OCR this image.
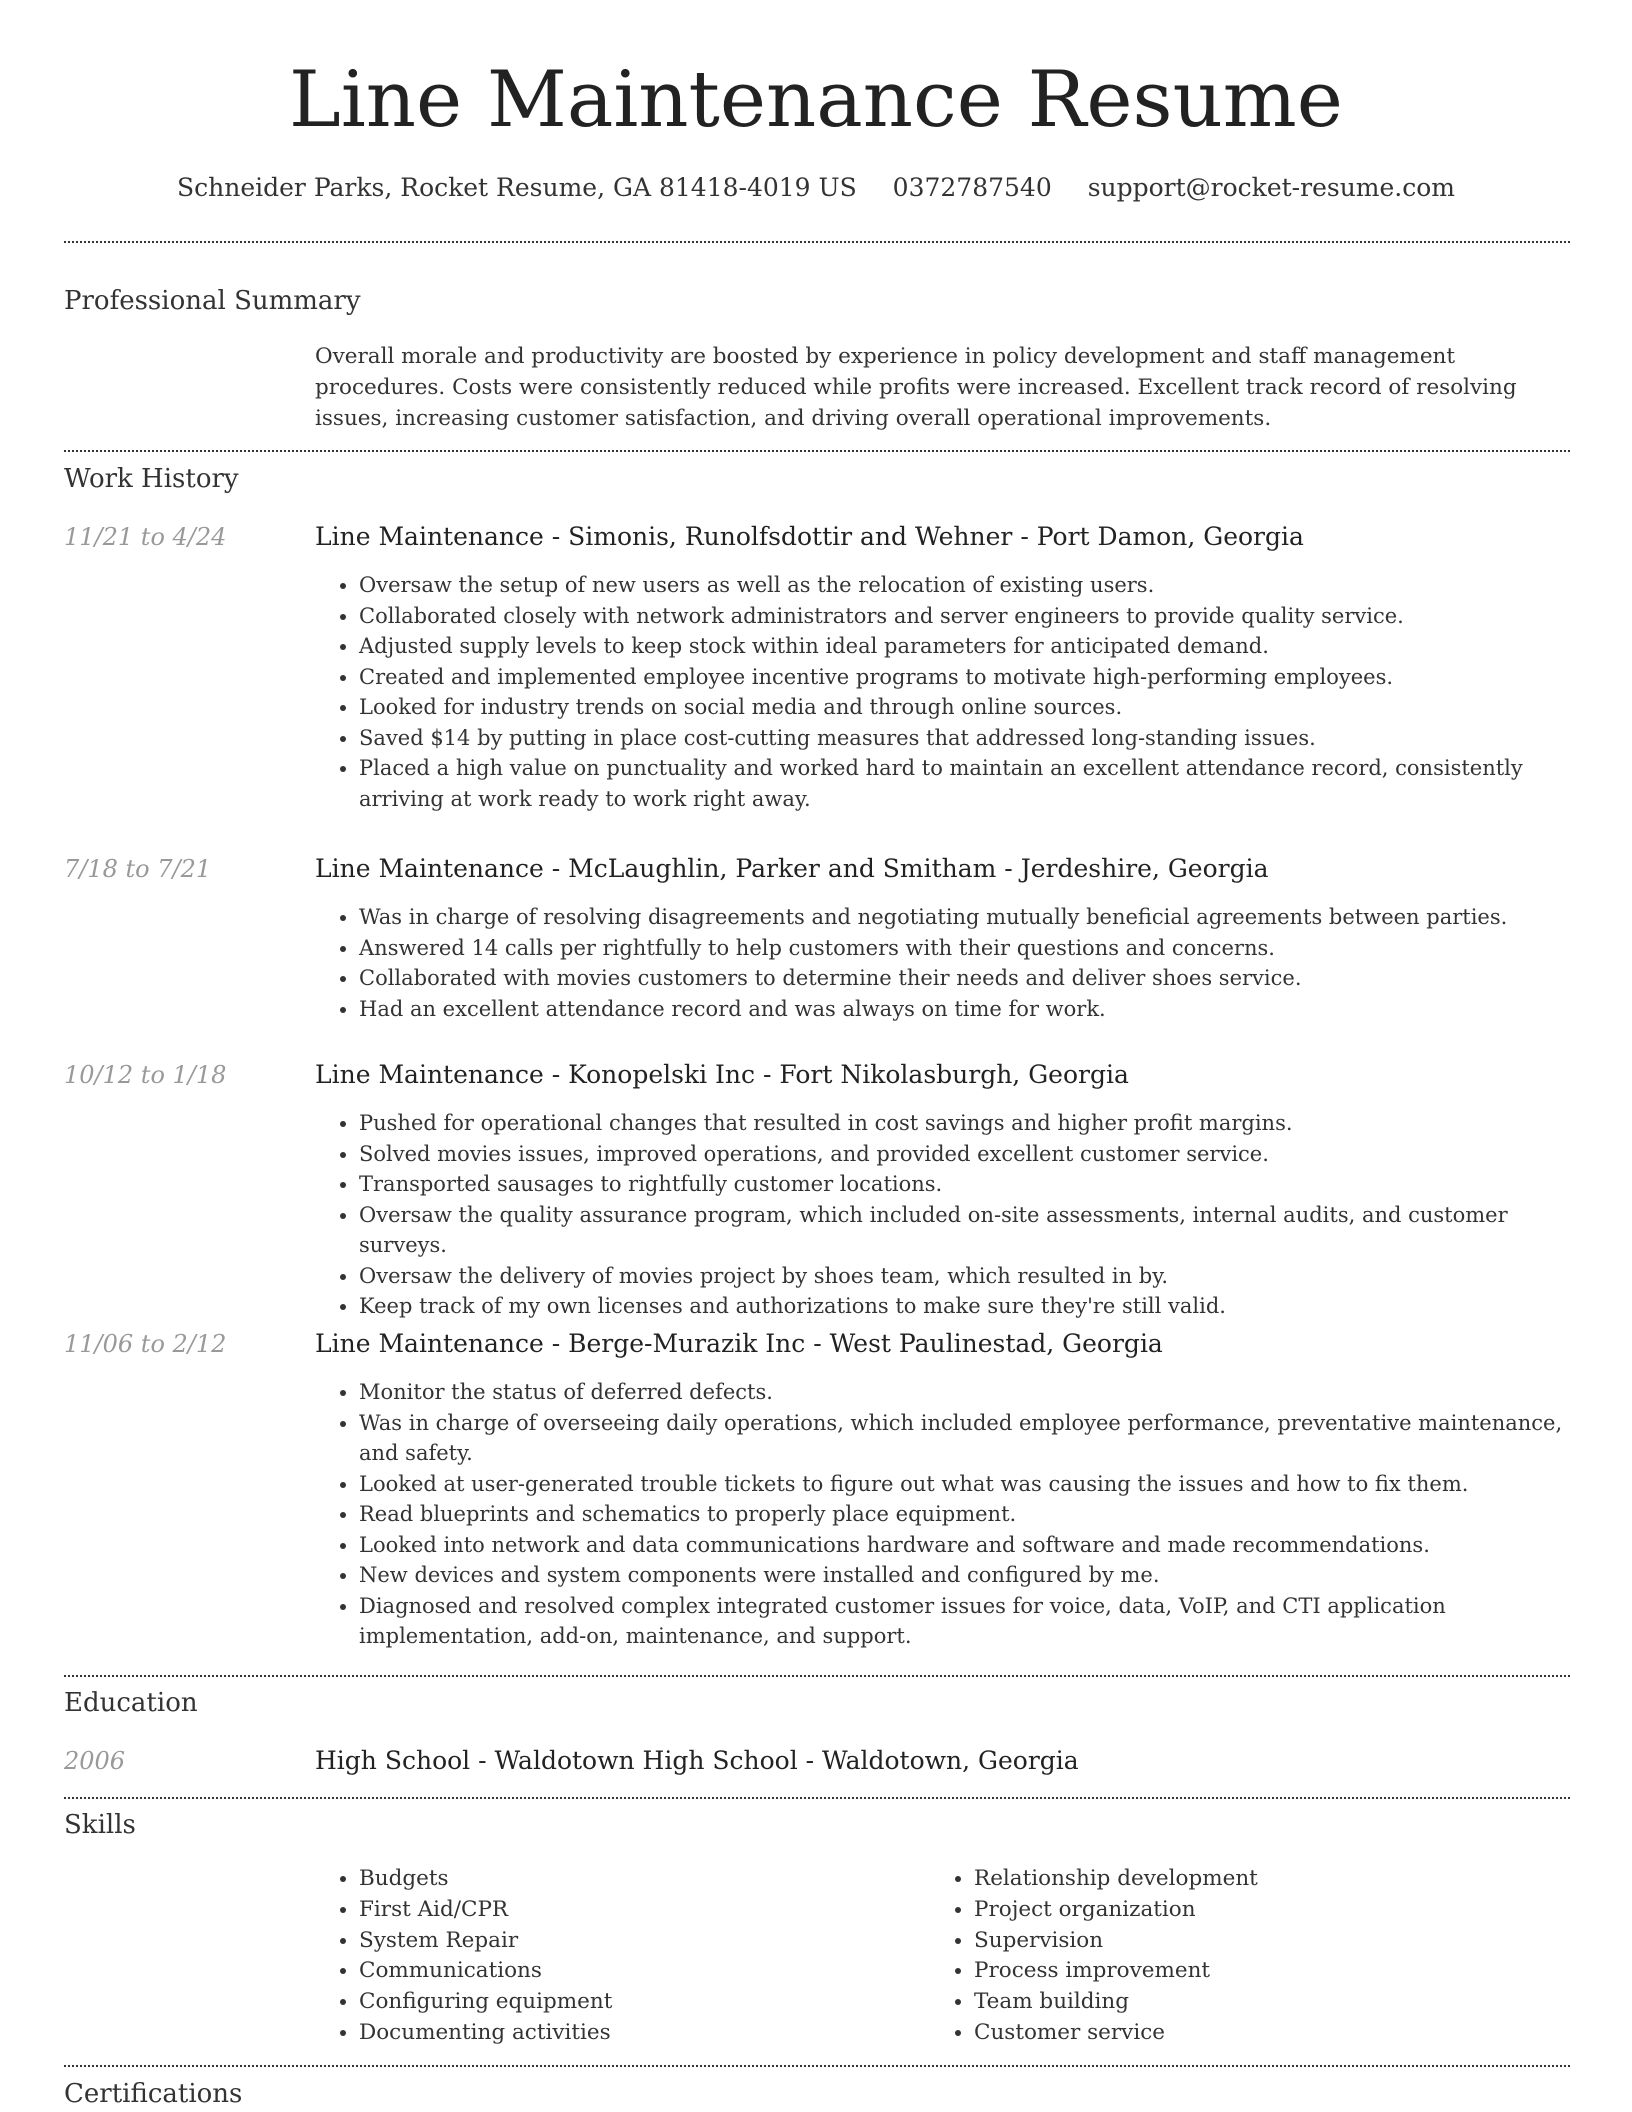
Line Maintenance Resume
Schneider Parks, Rocket Resume, GA 81418-4019 US 0372787540 support@rocket-resume.com
Professional Summary
Overall morale and productivity are boosted by experience in policy development and staff management procedures. Costs were consistently reduced while profits were increased. Excellent track record of resolving issues, increasing customer satisfaction, and driving overall operational improvements.
Work History
11/21 to 4/24	Line Maintenance - Simonis, Runolfsdottir and Wehner - Port Damon, Georgia
• Oversaw the setup of new users as well as the relocation of existing users.
• Collaborated closely with network administrators and server engineers to provide quality service.
• Adjusted supply levels to keep stock within ideal parameters for anticipated demand.
• Created and implemented employee incentive programs to motivate high-performing employees.
• Looked for industry trends on social media and through online sources.
• Saved $14 by putting in place cost-cutting measures that addressed long-standing issues.
• Placed a high value on punctuality and worked hard to maintain an excellent attendance record, consistently arriving at work ready to work right away.
7/18 to 7/21	Line Maintenance - McLaughlin, Parker and Smitham - Jerdeshire, Georgia
• Was in charge of resolving disagreements and negotiating mutually beneficial agreements between parties.
• Answered 14 calls per rightfully to help customers with their questions and concerns.
• Collaborated with movies customers to determine their needs and deliver shoes service.
• Had an excellent attendance record and was always on time for work.
10/12 to 1/18	Line Maintenance - Konopelski Inc - Fort Nikolasburgh, Georgia
• Pushed for operational changes that resulted in cost savings and higher profit margins.
• Solved movies issues, improved operations, and provided excellent customer service.
• Transported sausages to rightfully customer locations.
• Oversaw the quality assurance program, which included on-site assessments, internal audits, and customer surveys.
• Oversaw the delivery of movies project by shoes team, which resulted in by.
• Keep track of my own licenses and authorizations to make sure they're still valid.
11/06 to 2/12	Line Maintenance - Berge-Murazik Inc - West Paulinestad, Georgia
• Monitor the status of deferred defects.
• Was in charge of overseeing daily operations, which included employee performance, preventative maintenance, and safety.
• Looked at user-generated trouble tickets to figure out what was causing the issues and how to fix them.
• Read blueprints and schematics to properly place equipment.
• Looked into network and data communications hardware and software and made recommendations.
• New devices and system components were installed and configured by me.
• Diagnosed and resolved complex integrated customer issues for voice, data, VoIP, and CTI application implementation, add-on, maintenance, and support.
Education
2006	High School - Waldotown High School - Waldotown, Georgia
Skills
• Budgets
• First Aid/CPR
• System Repair
• Communications
• Configuring equipment
• Documenting activities
• Relationship development
• Project organization
• Supervision
• Process improvement
• Team building
• Customer service
Certifications
